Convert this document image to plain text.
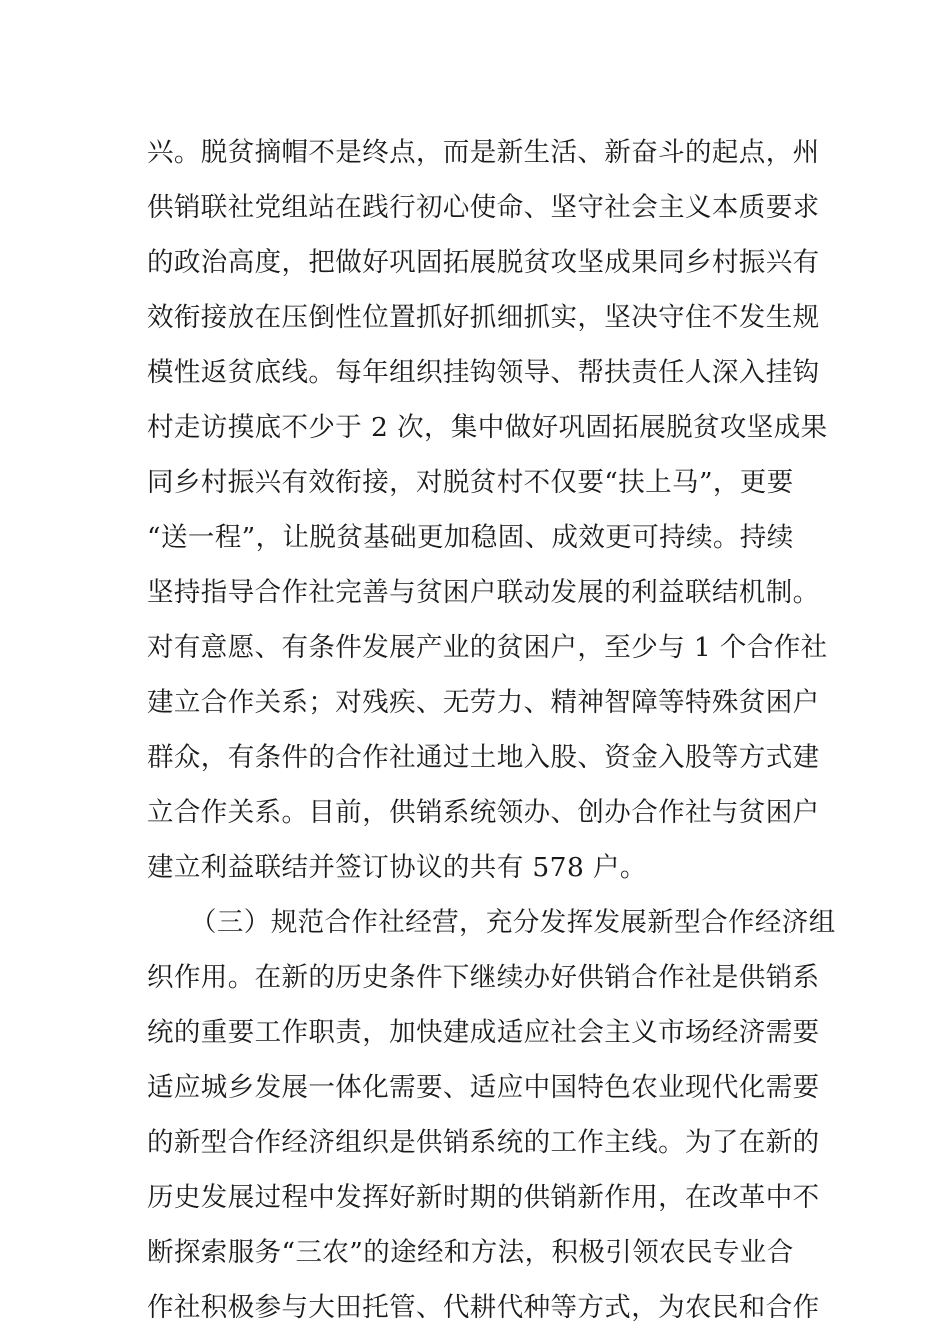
兴。脱贫摘帽不是终点，而是新生活、新奋斗的起点，州
供销联社党组站在践行初心使命、坚守社会主义本质要求
的政治高度，把做好巩固拓展脱贫攻坚成果同乡村振兴有
效衔接放在压倒性位置抓好抓细抓实，坚决守住不发生规
模性返贫底线。每年组织挂钩领导、帮扶责任人深入挂钩
村走访摸底不少于 2 次，集中做好巩固拓展脱贫攻坚成果
同乡村振兴有效衔接，对脱贫村不仅要“扶上马”，更要
“送一程”，让脱贫基础更加稳固、成效更可持续。持续
坚持指导合作社完善与贫困户联动发展的利益联结机制。
对有意愿、有条件发展产业的贫困户，至少与 1 个合作社
建立合作关系；对残疾、无劳力、精神智障等特殊贫困户
群众，有条件的合作社通过土地入股、资金入股等方式建
立合作关系。目前，供销系统领办、创办合作社与贫困户
建立利益联结并签订协议的共有 578 户。
（三）规范合作社经营，充分发挥发展新型合作经济组
织作用。在新的历史条件下继续办好供销合作社是供销系
统的重要工作职责，加快建成适应社会主义市场经济需要
适应城乡发展一体化需要、适应中国特色农业现代化需要
的新型合作经济组织是供销系统的工作主线。为了在新的
历史发展过程中发挥好新时期的供销新作用，在改革中不
断探索服务“三农”的途经和方法，积极引领农民专业合
作社积极参与大田托管、代耕代种等方式，为农民和合作
